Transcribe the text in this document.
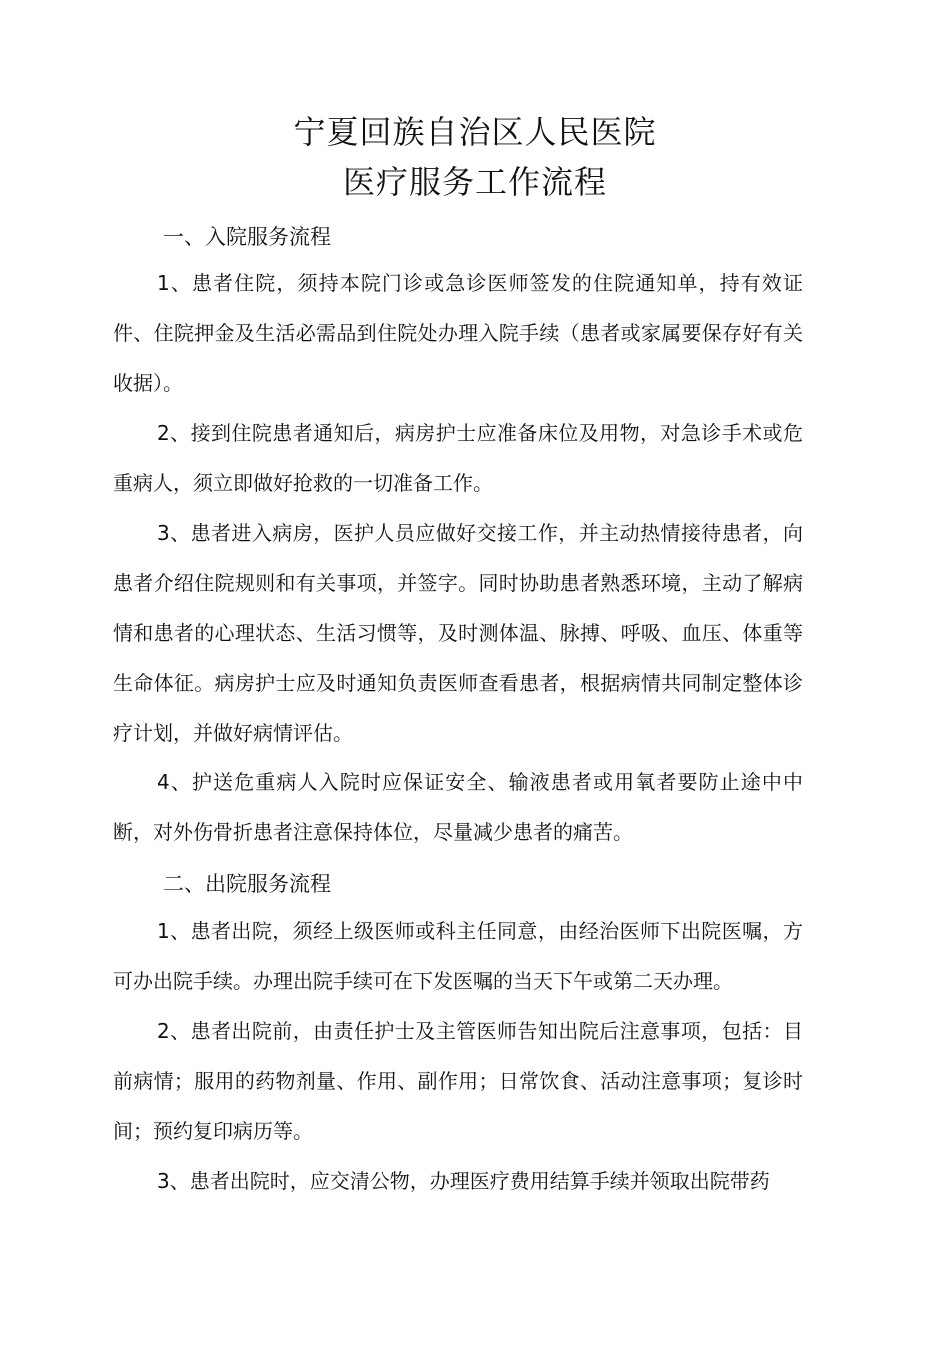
宁夏回族自治区人民医院
医疗服务工作流程
一、入院服务流程

1、患者住院，须持本院门诊或急诊医师签发的住院通知单，持有效证件、住院押金及生活必需品到住院处办理入院手续（患者或家属要保存好有关收据）。

2、接到住院患者通知后，病房护士应准备床位及用物，对急诊手术或危重病人，须立即做好抢救的一切准备工作。

3、患者进入病房，医护人员应做好交接工作，并主动热情接待患者，向患者介绍住院规则和有关事项，并签字。同时协助患者熟悉环境，主动了解病情和患者的心理状态、生活习惯等，及时测体温、脉搏、呼吸、血压、体重等生命体征。病房护士应及时通知负责医师查看患者，根据病情共同制定整体诊疗计划，并做好病情评估。

4、护送危重病人入院时应保证安全、输液患者或用氧者要防止途中中断，对外伤骨折患者注意保持体位，尽量减少患者的痛苦。

二、出院服务流程

1、患者出院，须经上级医师或科主任同意，由经治医师下出院医嘱，方可办出院手续。办理出院手续可在下发医嘱的当天下午或第二天办理。

2、患者出院前，由责任护士及主管医师告知出院后注意事项，包括：目前病情；服用的药物剂量、作用、副作用；日常饮食、活动注意事项；复诊时间；预约复印病历等。

3、患者出院时，应交清公物，办理医疗费用结算手续并领取出院带药
